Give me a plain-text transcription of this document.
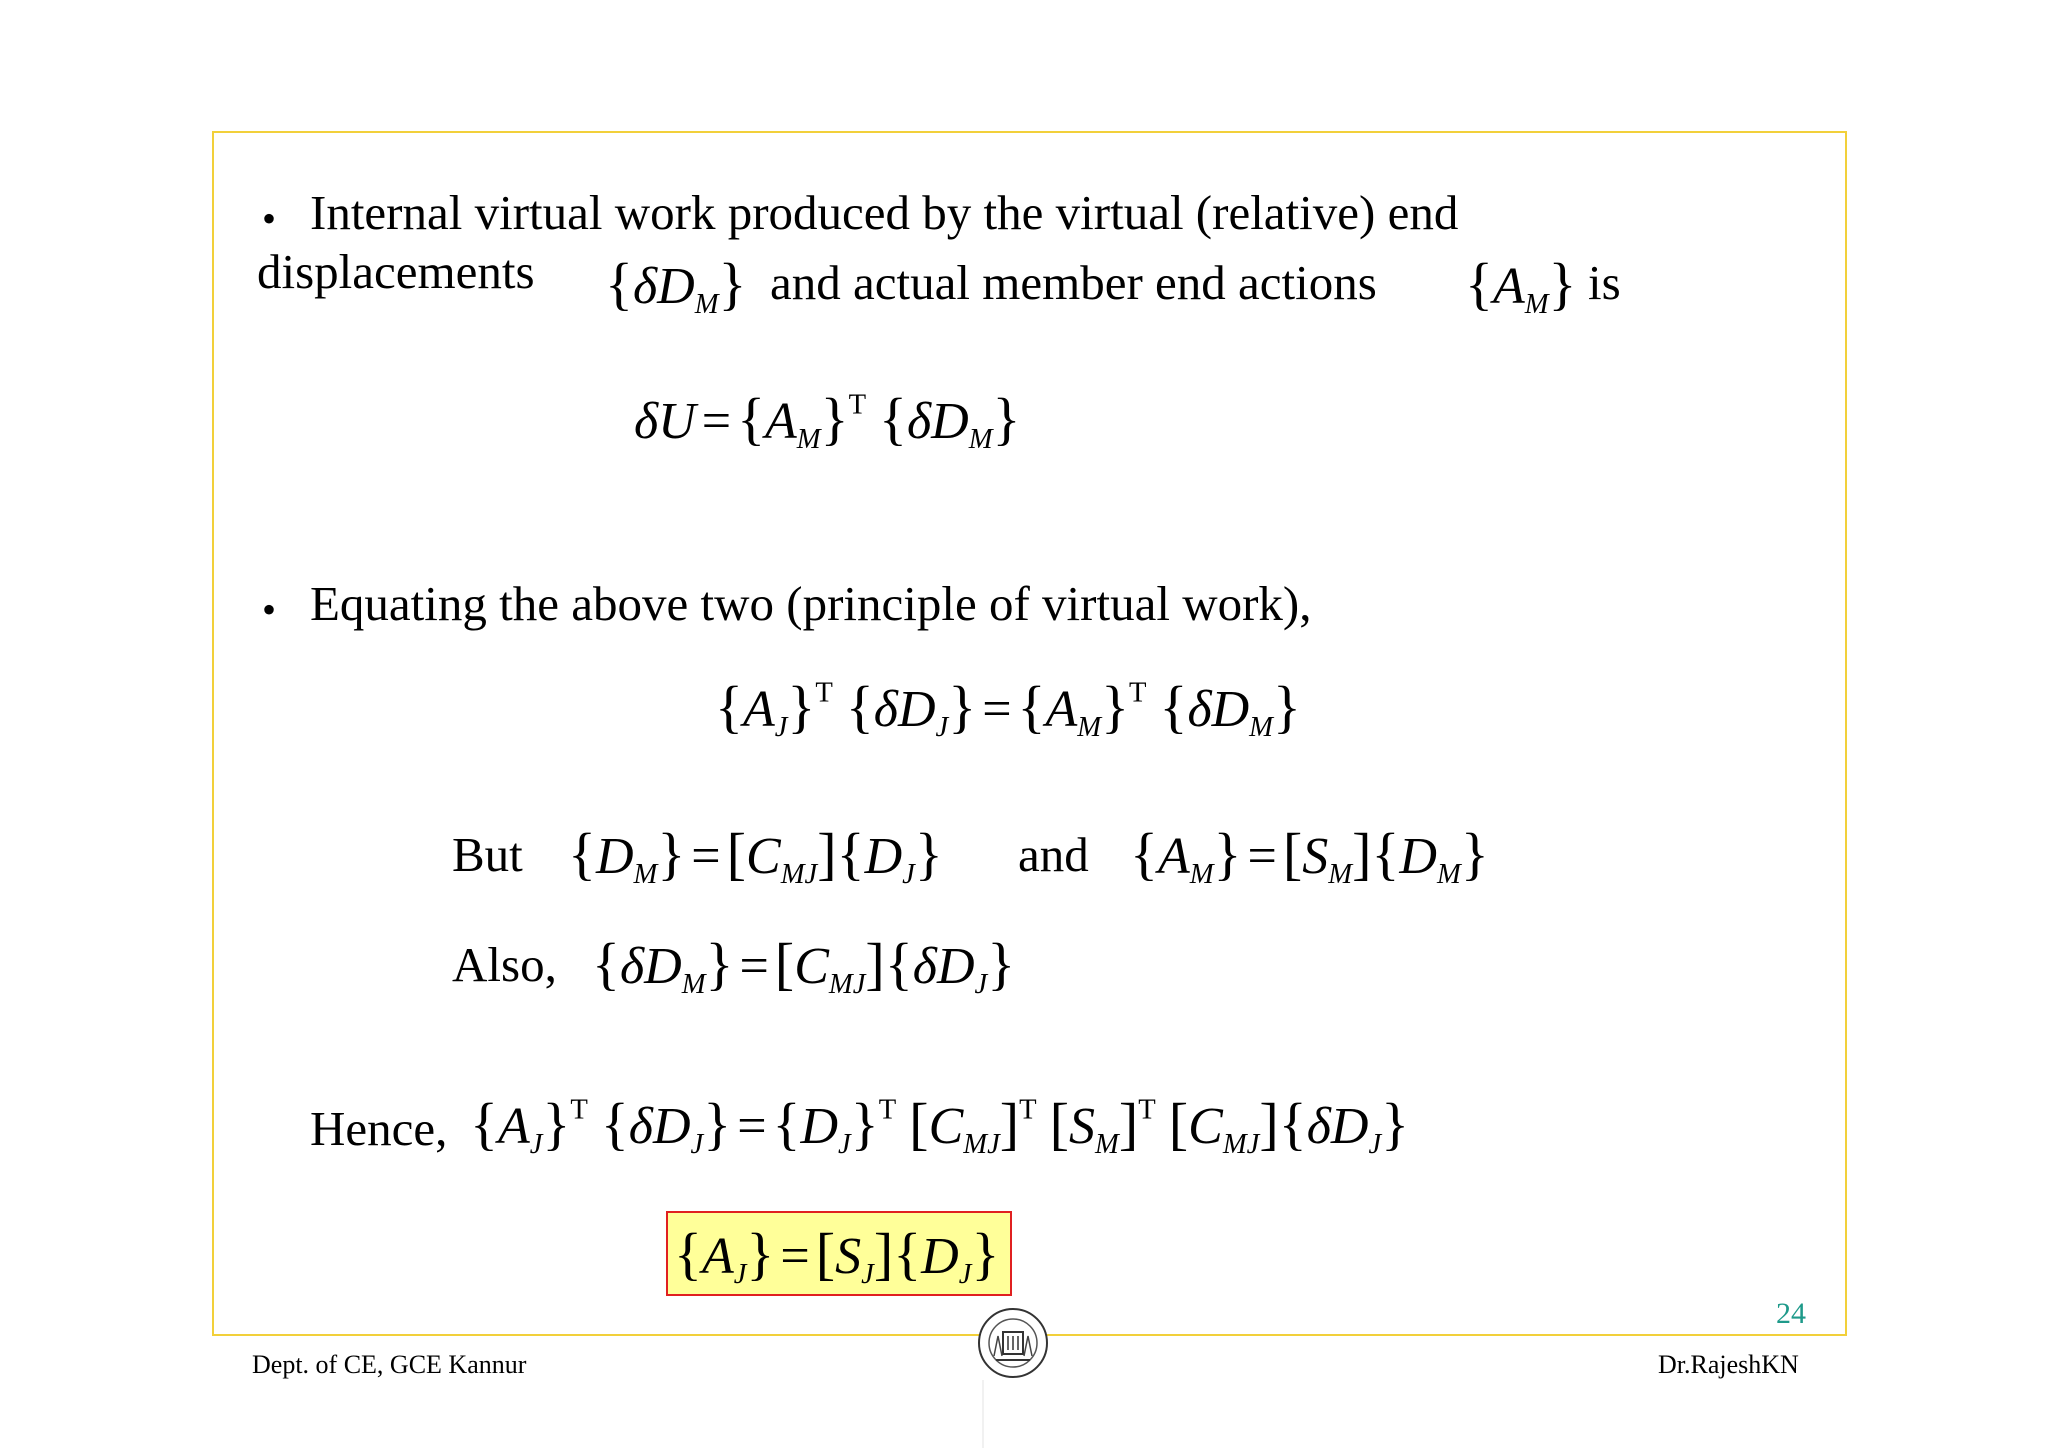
• Internal virtual work produced by the virtual (relative) end
displacements $\{\delta D_M\}$ and actual member end actions $\{A_M\}$ is
$\delta U = \{A_M\}^T$ $\{\delta D_M\}$
• Equating the above two (principle of virtual work),
$\{A_J\}^T$ $\{\delta D_J\} = \{A_M\}^T$ $\{\delta D_M\}$
But $\{D_M\} = [C_{MJ}]\{D_J\}$ and $\{A_M\} = [S_M]\{D_M\}$
Also, $\{\delta D_M\} = [C_{MJ}]\{\delta D_J\}$
Hence, $\{A_J\}^T$ $\{\delta D_J\} = \{D_J\}^T$ $[C_{MJ}]^T$ $[S_M]^T$ $[C_{MJ}]\{\delta D_J\}$
$\{A_J\} = [S_J]\{D_J\}$
24
Dept. of CE, GCE Kannur	Dr.RajeshKN
